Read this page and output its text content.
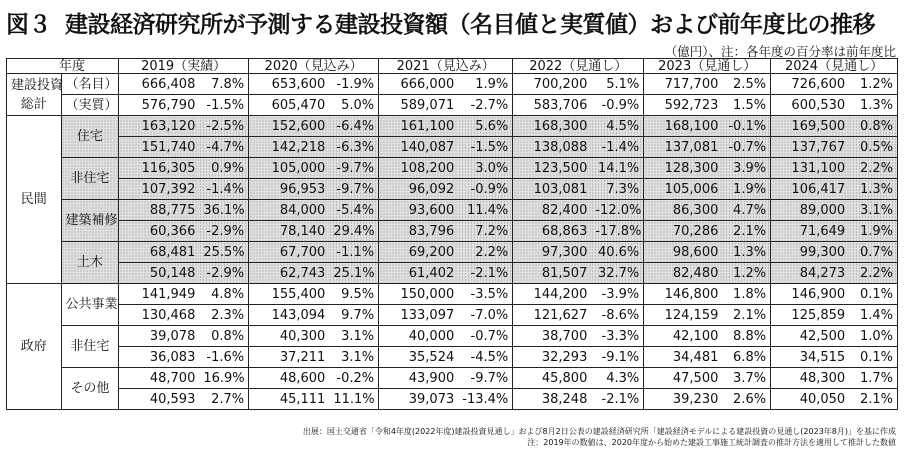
図３ 建設経済研究所が予測する建設投資額（名目値と実質値）および前年度比の推移
（億円）、注：各年度の百分率は前年度比
年度		2019（実績）		2020（見込み）		2021（見込み）		2022（見通し）		2023（見通し）		2024（見通し）	

建設投資
総計	（名目）	666,408	7.8%	653,600	-1.9%	666,000	1.9%	700,200	5.1%	717,700	2.5%	726,600	1.2%
	（実質）	576,790	-1.5%	605,470	5.0%	589,071	-2.7%	583,706	-0.9%	592,723	1.5%	600,530	1.3%
民間	住宅	163,120	-2.5%	152,600	-6.4%	161,100	5.6%	168,300	4.5%	168,100	-0.1%	169,500	0.8%
		151,740	-4.7%	142,218	-6.3%	140,087	-1.5%	138,088	-1.4%	137,081	-0.7%	137,767	0.5%
	非住宅	116,305	0.9%	105,000	-9.7%	108,200	3.0%	123,500	14.1%	128,300	3.9%	131,100	2.2%
		107,392	-1.4%	96,953	-9.7%	96,092	-0.9%	103,081	7.3%	105,006	1.9%	106,417	1.3%
	建築補修	88,775	36.1%	84,000	-5.4%	93,600	11.4%	82,400	-12.0%	86,300	4.7%	89,000	3.1%
		60,366	-2.9%	78,140	29.4%	83,796	7.2%	68,863	-17.8%	70,286	2.1%	71,649	1.9%
	土木	68,481	25.5%	67,700	-1.1%	69,200	2.2%	97,300	40.6%	98,600	1.3%	99,300	0.7%
		50,148	-2.9%	62,743	25.1%	61,402	-2.1%	81,507	32.7%	82,480	1.2%	84,273	2.2%
政府	公共事業	141,949	4.8%	155,400	9.5%	150,000	-3.5%	144,200	-3.9%	146,800	1.8%	146,900	0.1%
		130,468	2.3%	143,094	9.7%	133,097	-7.0%	121,627	-8.6%	124,159	2.1%	125,859	1.4%
	非住宅	39,078	0.8%	40,300	3.1%	40,000	-0.7%	38,700	-3.3%	42,100	8.8%	42,500	1.0%
		36,083	-1.6%	37,211	3.1%	35,524	-4.5%	32,293	-9.1%	34,481	6.8%	34,515	0.1%
	その他	48,700	16.9%	48,600	-0.2%	43,900	-9.7%	45,800	4.3%	47,500	3.7%	48,300	1.7%
		40,593	2.7%	45,111	11.1%	39,073	-13.4%	38,248	-2.1%	39,230	2.6%	40,050	2.1%
出展：国土交通省「令和4年度(2022年度)建設投資見通し」および8月2日公表の建設経済研究所「建設経済モデルによる建設投資の見通し(2023年8月)」を基に作成
注：2019年の数値は、2020年度から始めた建設工事施工統計調査の推計方法を適用して推計した数値
